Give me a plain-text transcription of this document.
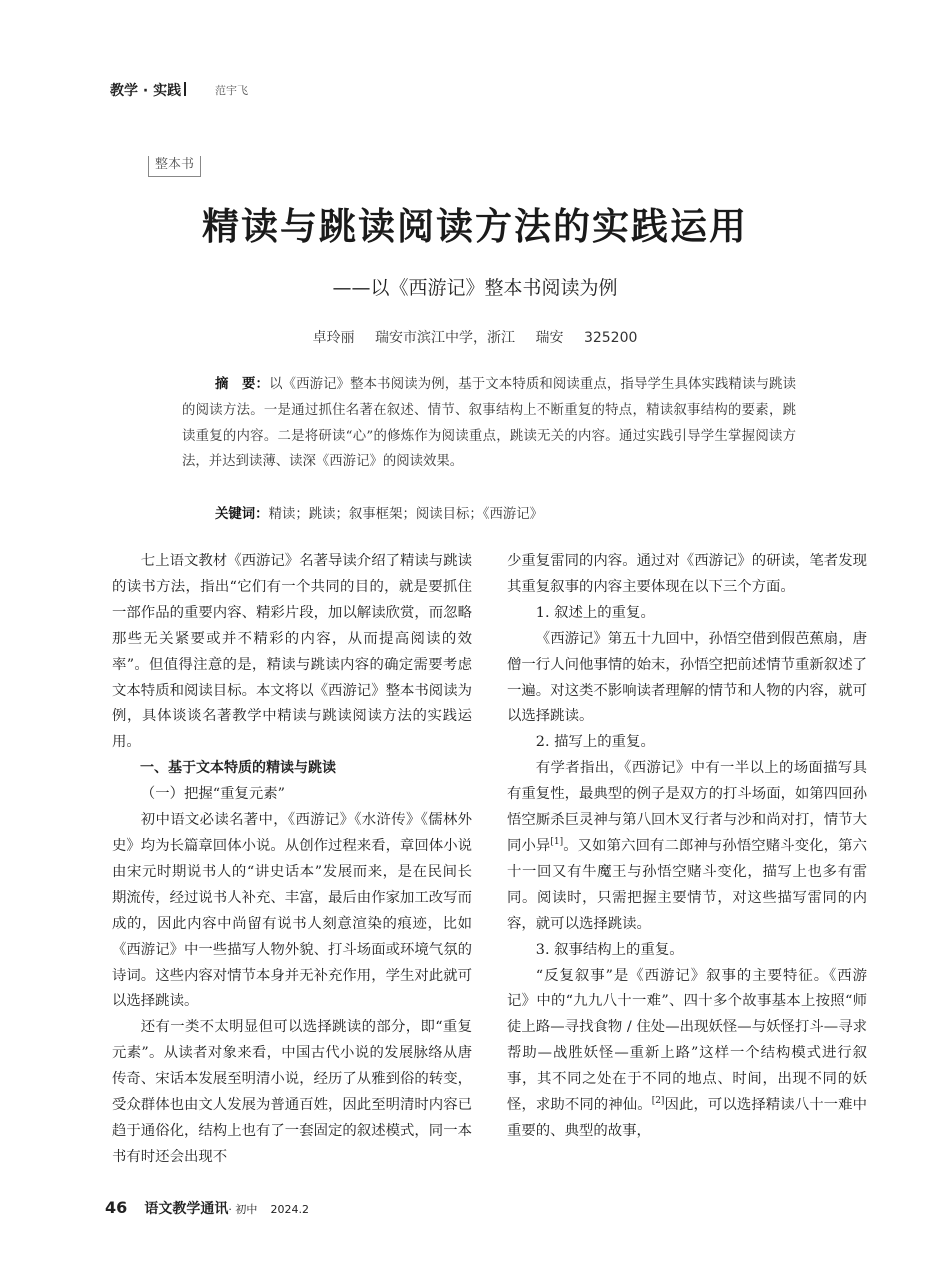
教学 · 实践	范宇飞
整本书
精读与跳读阅读方法的实践运用
——以《西游记》整本书阅读为例
卓玲丽 瑞安市滨江中学，浙江 瑞安 325200
摘　要：以《西游记》整本书阅读为例，基于文本特质和阅读重点，指导学生具体实践精读与跳读的阅读方法。一是通过抓住名著在叙述、情节、叙事结构上不断重复的特点，精读叙事结构的要素，跳读重复的内容。二是将研读“心”的修炼作为阅读重点，跳读无关的内容。通过实践引导学生掌握阅读方法，并达到读薄、读深《西游记》的阅读效果。
关键词：精读；跳读；叙事框架；阅读目标；《西游记》

七上语文教材《西游记》名著导读介绍了精读与跳读的读书方法，指出“它们有一个共同的目的，就是要抓住一部作品的重要内容、精彩片段，加以解读欣赏，而忽略那些无关紧要或并不精彩的内容，从而提高阅读的效率”。但值得注意的是，精读与跳读内容的确定需要考虑文本特质和阅读目标。本文将以《西游记》整本书阅读为例，具体谈谈名著教学中精读与跳读阅读方法的实践运用。

一、基于文本特质的精读与跳读

（一）把握“重复元素”

初中语文必读名著中，《西游记》《水浒传》《儒林外史》均为长篇章回体小说。从创作过程来看，章回体小说由宋元时期说书人的“讲史话本”发展而来，是在民间长期流传，经过说书人补充、丰富，最后由作家加工改写而成的，因此内容中尚留有说书人刻意渲染的痕迹，比如《西游记》中一些描写人物外貌、打斗场面或环境气氛的诗词。这些内容对情节本身并无补充作用，学生对此就可以选择跳读。

还有一类不太明显但可以选择跳读的部分，即“重复元素”。从读者对象来看，中国古代小说的发展脉络从唐传奇、宋话本发展至明清小说，经历了从雅到俗的转变，受众群体也由文人发展为普通百姓，因此至明清时内容已趋于通俗化，结构上也有了一套固定的叙述模式，同一本书有时还会出现不

少重复雷同的内容。通过对《西游记》的研读，笔者发现其重复叙事的内容主要体现在以下三个方面。

1. 叙述上的重复。

《西游记》第五十九回中，孙悟空借到假芭蕉扇，唐僧一行人问他事情的始末，孙悟空把前述情节重新叙述了一遍。对这类不影响读者理解的情节和人物的内容，就可以选择跳读。

2. 描写上的重复。

有学者指出，《西游记》中有一半以上的场面描写具有重复性，最典型的例子是双方的打斗场面，如第四回孙悟空厮杀巨灵神与第八回木叉行者与沙和尚对打，情节大同小异[1]。又如第六回有二郎神与孙悟空赌斗变化，第六十一回又有牛魔王与孙悟空赌斗变化，描写上也多有雷同。阅读时，只需把握主要情节，对这些描写雷同的内容，就可以选择跳读。

3. 叙事结构上的重复。

“反复叙事”是《西游记》叙事的主要特征。《西游记》中的“九九八十一难”、四十多个故事基本上按照“师徒上路—寻找食物 / 住处—出现妖怪—与妖怪打斗—寻求帮助—战胜妖怪—重新上路”这样一个结构模式进行叙事，其不同之处在于不同的地点、时间，出现不同的妖怪，求助不同的神仙。[2]因此，可以选择精读八十一难中重要的、典型的故事，

46 语文教学通讯· 初中 2024.2
